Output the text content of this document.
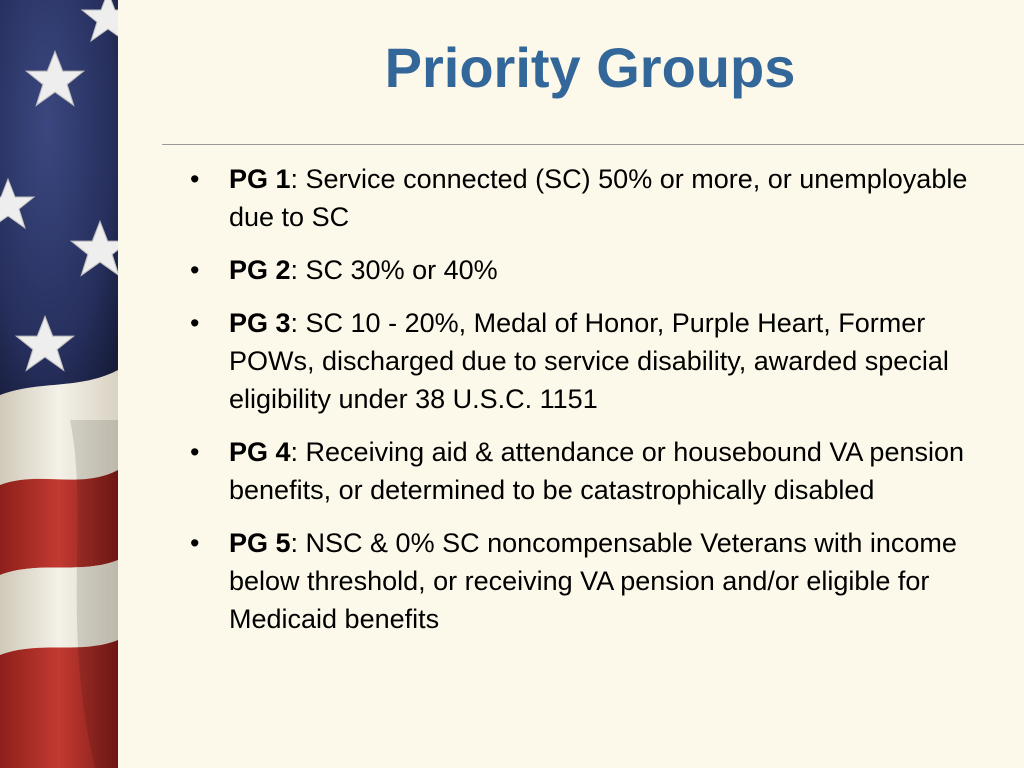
Priority Groups
• PG 1: Service connected (SC) 50% or more, or unemployable due to SC
• PG 2: SC 30% or 40%
• PG 3: SC 10 - 20%, Medal of Honor, Purple Heart, Former POWs, discharged due to service disability, awarded special eligibility under 38 U.S.C. 1151
• PG 4: Receiving aid & attendance or housebound VA pension benefits, or determined to be catastrophically disabled
• PG 5: NSC & 0% SC noncompensable Veterans with income below threshold, or receiving VA pension and/or eligible for Medicaid benefits
